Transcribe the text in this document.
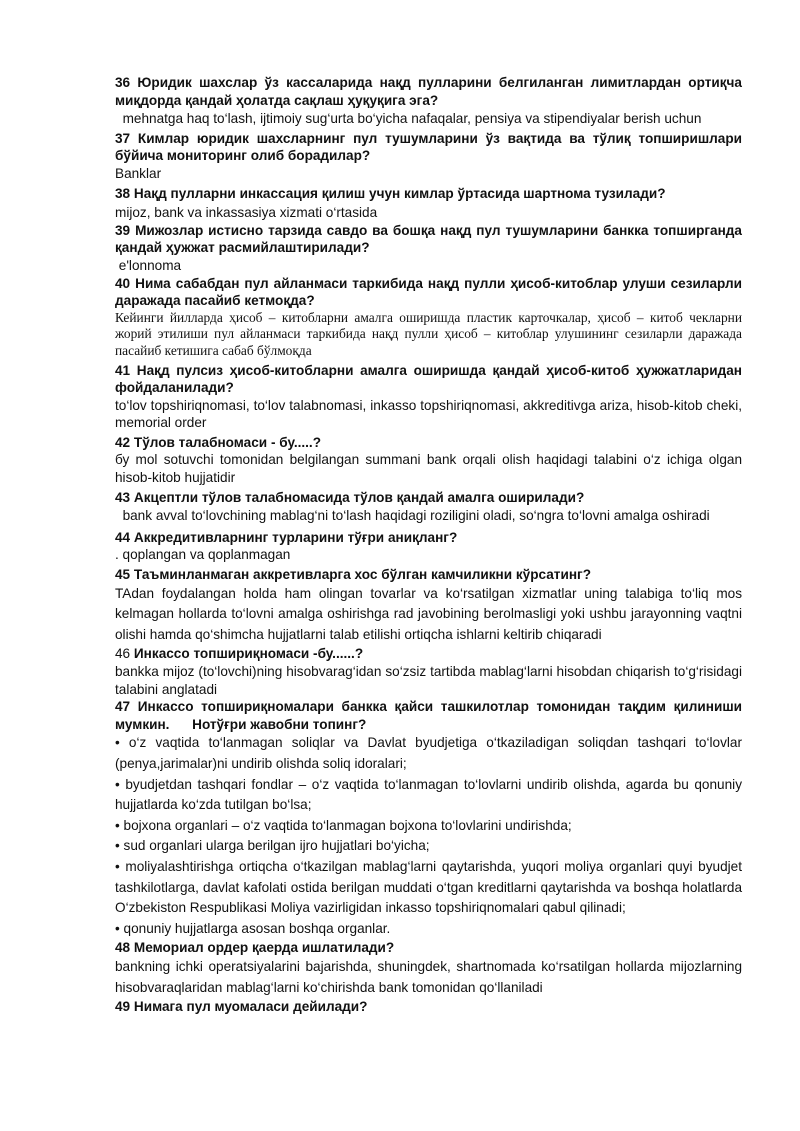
36 Юридик шахслар ўз кассаларида нақд пулларини белгиланган лимитлардан ортиқча миқдорда қандай ҳолатда сақлаш ҳуқуқига эга?

mehnatga haq to‘lash, ijtimoiy sug‘urta bo‘yicha nafaqalar, pensiya va stipendiyalar berish uchun

37 Кимлар юридик шахсларнинг пул тушумларини ўз вақтида ва тўлиқ топширишлари бўйича мониторинг олиб борадилар?

Banklar

38 Нақд пулларни инкассация қилиш учун кимлар ўртасида шартнома тузилади?

mijoz, bank va inkassasiya xizmati o‘rtasida

39 Мижозлар истисно тарзида савдо ва бошқа нақд пул тушумларини банкка топширганда қандай ҳужжат расмийлаштирилади?

e'lonnoma

40 Нима сабабдан пул айланмаси таркибида нақд пулли ҳисоб-китоблар улуши сезиларли даражада пасайиб кетмоқда?

Кейинги йилларда ҳисоб – китобларни амалга оширишда пластик карточкалар, ҳисоб – китоб чекларни жорий этилиши пул айланмаси таркибида нақд пулли ҳисоб – китоблар улушининг сезиларли даражада пасайиб кетишига сабаб бўлмоқда

41 Нақд пулсиз ҳисоб-китобларни амалга оширишда қандай ҳисоб-китоб ҳужжатларидан фойдаланилади?

to‘lov topshiriqnomasi, to‘lov talabnomasi, inkasso topshiriqnomasi, akkreditivga ariza, hisob-kitob cheki, memorial order

42 Тўлов талабномаси - бу.....?

бу mol sotuvchi tomonidan belgilangan summani bank orqali olish haqidagi talabini o‘z ichiga olgan hisob-kitob hujjatidir

43 Акцептли тўлов талабномасида тўлов қандай амалга оширилади?

bank avval to‘lovchining mablag‘ni to‘lash haqidagi roziligini oladi, so‘ngra to‘lovni amalga oshiradi

44 Аккредитивларнинг турларини тўғри аниқланг?

. qoplangan va qoplanmagan

45 Таъминланмаган аккретивларга хос бўлган камчиликни кўрсатинг?

TAdan foydalangan holda ham olingan tovarlar va ko‘rsatilgan xizmatlar uning talabiga to‘liq mos kelmagan hollarda to‘lovni amalga oshirishga rad javobining berolmasligi yoki ushbu jarayonning vaqtni olishi hamda qo‘shimcha hujjatlarni talab etilishi ortiqcha ishlarni keltirib chiqaradi

46 Инкассо топшириқномаси -бу......?

bankka mijoz (to‘lovchi)ning hisobvarag‘idan so‘zsiz tartibda mablag‘larni hisobdan chiqarish to‘g‘risidagi talabini anglatadi

47 Инкассо топшириқномалари банкка қайси ташкилотлар томонидан тақдим қилиниши мумкин.      Нотўғри жавобни топинг?

• o‘z vaqtida to‘lanmagan soliqlar va Davlat byudjetiga o‘tkaziladigan soliqdan tashqari to‘lovlar (penya,jarimalar)ni undirib olishda soliq idoralari;

• byudjetdan tashqari fondlar – o‘z vaqtida to‘lanmagan to‘lovlarni undirib olishda, agarda bu qonuniy hujjatlarda ko‘zda tutilgan bo‘lsa;

• bojxona organlari – o‘z vaqtida to‘lanmagan bojxona to‘lovlarini undirishda;

• sud organlari ularga berilgan ijro hujjatlari bo‘yicha;

• moliyalashtirishga ortiqcha o‘tkazilgan mablag‘larni qaytarishda, yuqori moliya organlari quyi byudjet tashkilotlarga, davlat kafolati ostida berilgan muddati o‘tgan kreditlarni qaytarishda va boshqa holatlarda O‘zbekiston Respublikasi Moliya vazirligidan inkasso topshiriqnomalari qabul qilinadi;

• qonuniy hujjatlarga asosan boshqa organlar.

48 Мемориал ордер қаерда ишлатилади?

bankning ichki operatsiyalarini bajarishda, shuningdek, shartnomada ko‘rsatilgan hollarda mijozlarning hisobvaraqlaridan mablag‘larni ko‘chirishda bank tomonidan qo‘llaniladi

49 Нимага пул муомаласи дейилади?
